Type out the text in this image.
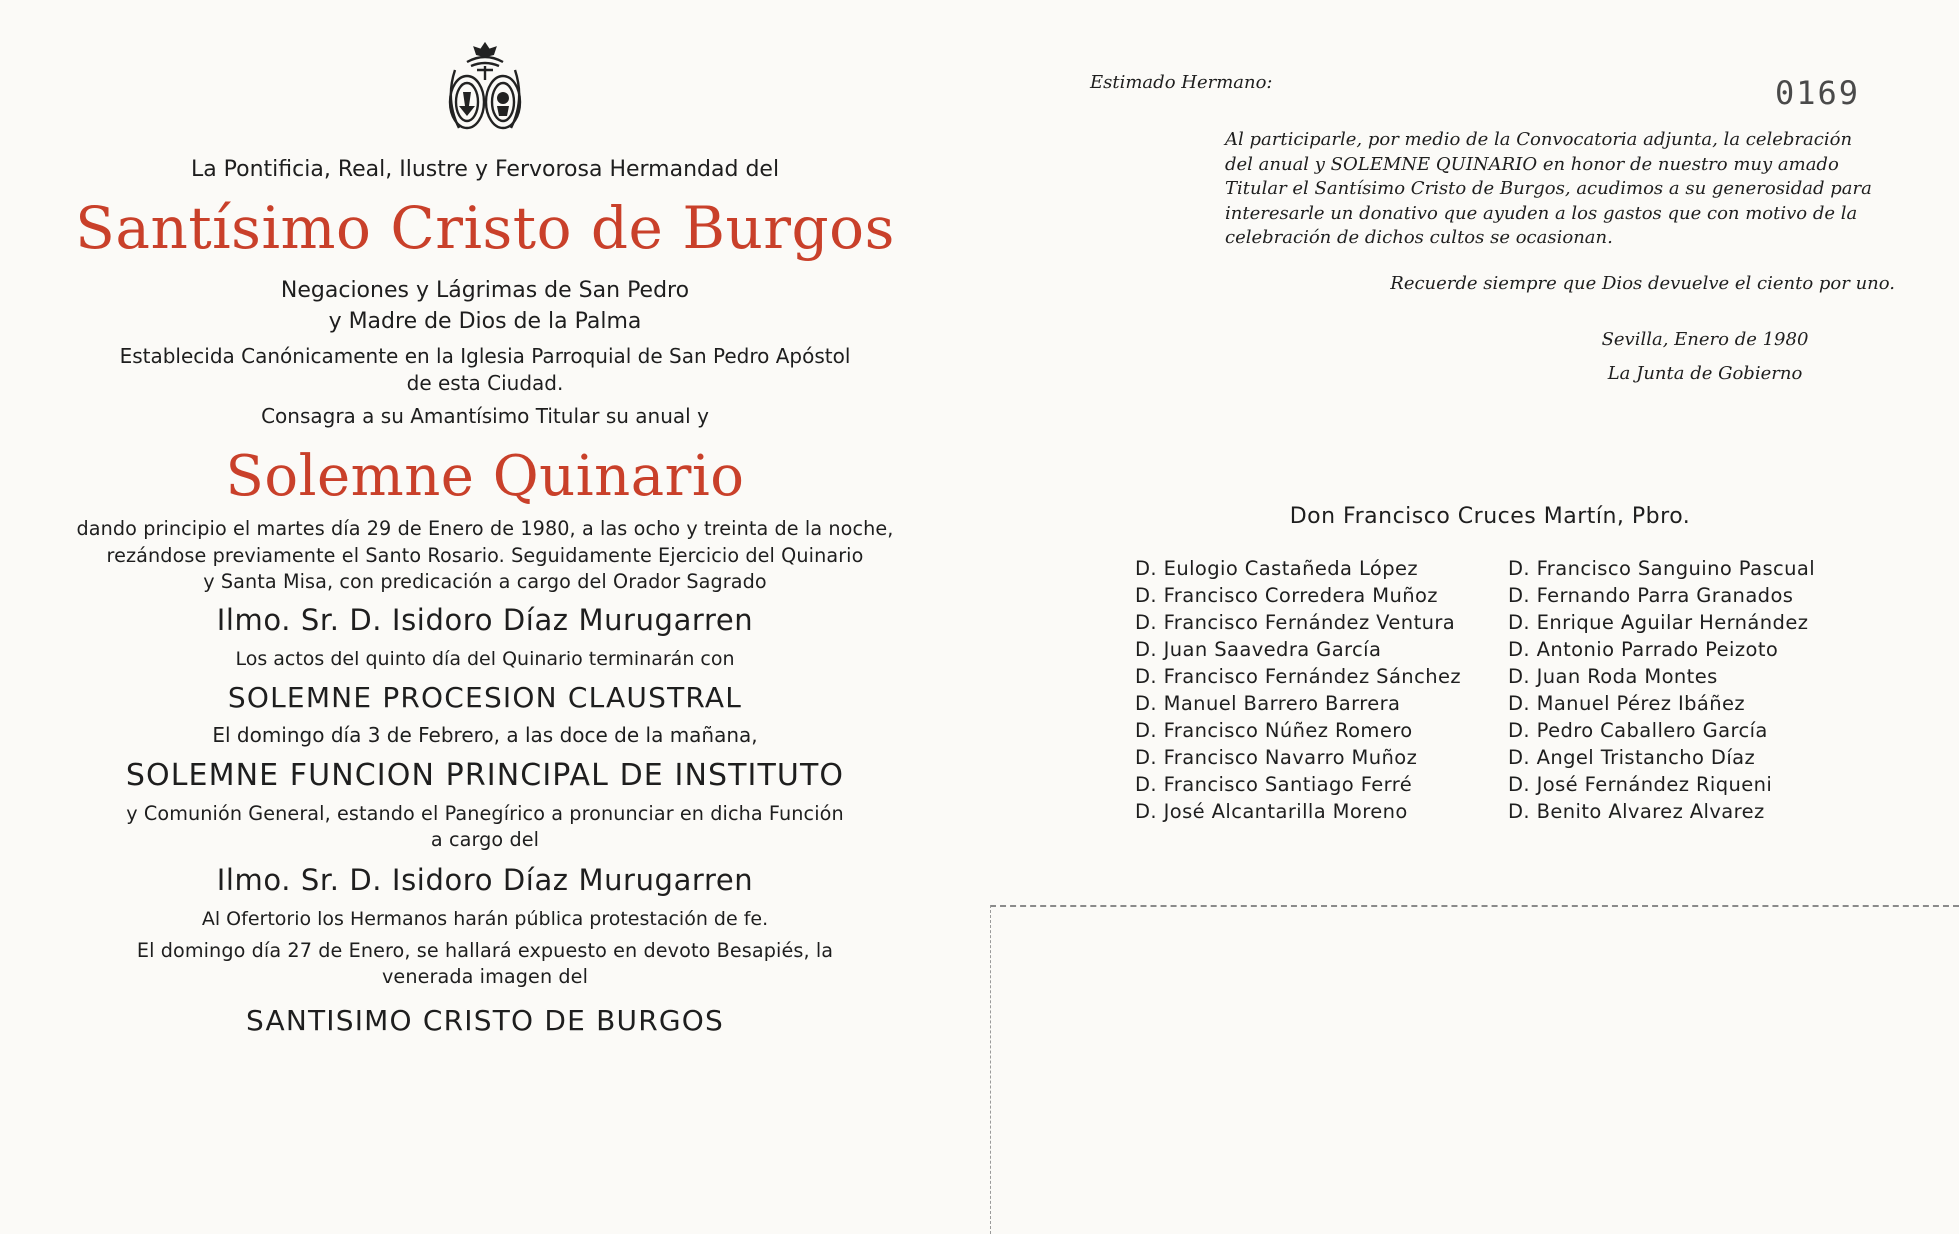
La Pontificia, Real, Ilustre y Fervorosa Hermandad del

Santísimo Cristo de Burgos

Negaciones y Lágrimas de San Pedro

y Madre de Dios de la Palma

Establecida Canónicamente en la Iglesia Parroquial de San Pedro Apóstol

de esta Ciudad.

Consagra a su Amantísimo Titular su anual y

Solemne Quinario

dando principio el martes día 29 de Enero de 1980, a las ocho y treinta de la noche,

rezándose previamente el Santo Rosario. Seguidamente Ejercicio del Quinario

y Santa Misa, con predicación a cargo del Orador Sagrado

Ilmo. Sr. D. Isidoro Díaz Murugarren

Los actos del quinto día del Quinario terminarán con

SOLEMNE PROCESION CLAUSTRAL

El domingo día 3 de Febrero, a las doce de la mañana,

SOLEMNE FUNCION PRINCIPAL DE INSTITUTO

y Comunión General, estando el Panegírico a pronunciar en dicha Función

a cargo del

Ilmo. Sr. D. Isidoro Díaz Murugarren

Al Ofertorio los Hermanos harán pública protestación de fe.

El domingo día 27 de Enero, se hallará expuesto en devoto Besapiés, la

venerada imagen del

SANTISIMO CRISTO DE BURGOS

Estimado Hermano:	0169
Al participarle, por medio de la Convocatoria adjunta, la celebración
del anual y SOLEMNE QUINARIO en honor de nuestro muy amado
Titular el Santísimo Cristo de Burgos, acudimos a su generosidad para
interesarle un donativo que ayuden a los gastos que con motivo de la
celebración de dichos cultos se ocasionan.
Recuerde siempre que Dios devuelve el ciento por uno.
Sevilla, Enero de 1980
La Junta de Gobierno
Don Francisco Cruces Martín, Pbro.
D. Eulogio Castañeda López
D. Francisco Corredera Muñoz
D. Francisco Fernández Ventura
D. Juan Saavedra García
D. Francisco Fernández Sánchez
D. Manuel Barrero Barrera
D. Francisco Núñez Romero
D. Francisco Navarro Muñoz
D. Francisco Santiago Ferré
D. José Alcantarilla Moreno
D. Francisco Sanguino Pascual
D. Fernando Parra Granados
D. Enrique Aguilar Hernández
D. Antonio Parrado Peizoto
D. Juan Roda Montes
D. Manuel Pérez Ibáñez
D. Pedro Caballero García
D. Angel Tristancho Díaz
D. José Fernández Riqueni
D. Benito Alvarez Alvarez
